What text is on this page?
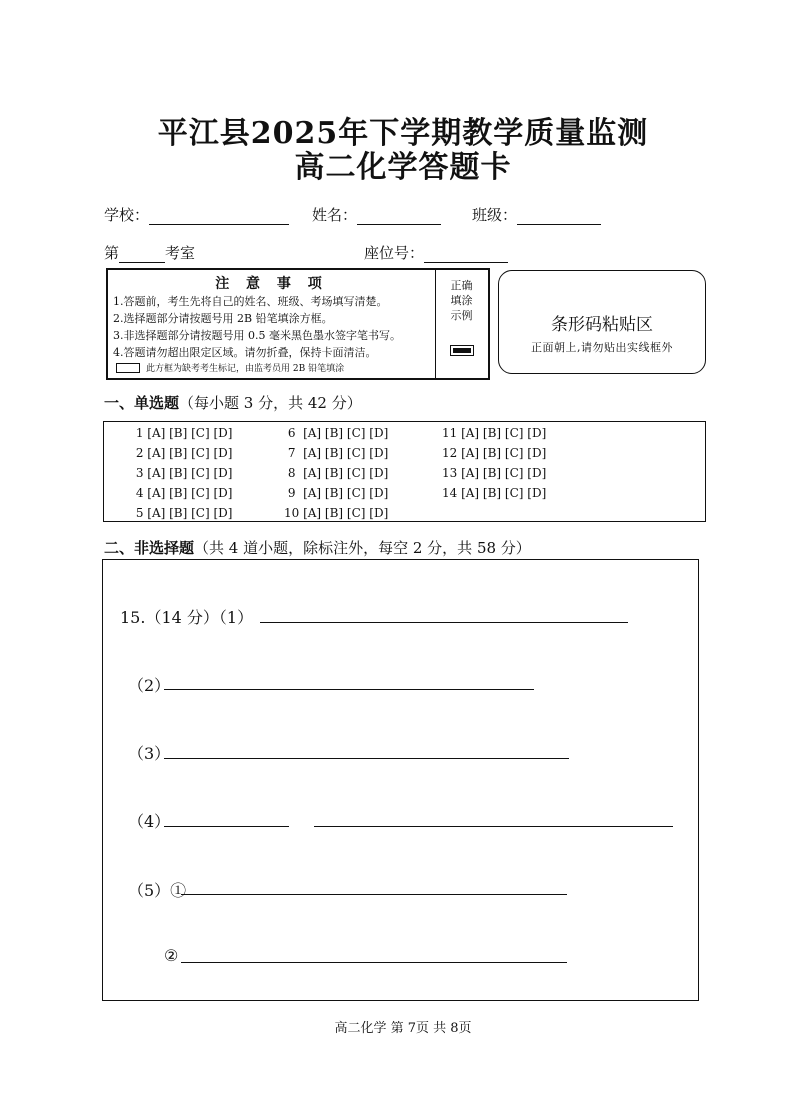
平江县2025年下学期教学质量监测
高二化学答题卡
学校：	姓名：	班级：
第	考室	座位号：
注 意 事 项
1.答题前，考生先将自己的姓名、班级、考场填写清楚。
2.选择题部分请按题号用 2B 铅笔填涂方框。
3.非选择题部分请按题号用 0.5 毫米黑色墨水签字笔书写。
4.答题请勿超出限定区域。请勿折叠，保持卡面清洁。
此方框为缺考考生标记，由监考员用 2B 铅笔填涂
正确
填涂
示例	条形码粘贴区
正面朝上,请勿贴出实线框外
一、单选题（每小题 3 分，共 42 分）
1 [A] [B] [C] [D]
2 [A] [B] [C] [D]
3 [A] [B] [C] [D]
4 [A] [B] [C] [D]
5 [A] [B] [C] [D]
6  [A] [B] [C] [D]
7  [A] [B] [C] [D]
8  [A] [B] [C] [D]
9  [A] [B] [C] [D]
10 [A] [B] [C] [D]
11 [A] [B] [C] [D]
12 [A] [B] [C] [D]
13 [A] [B] [C] [D]
14 [A] [B] [C] [D]
二、非选择题（共 4 道小题，除标注外，每空 2 分，共 58 分）
15.（14 分）（1）
（2）
（3）
（4）
（5）①
②
高二化学 第 7页 共 8页
